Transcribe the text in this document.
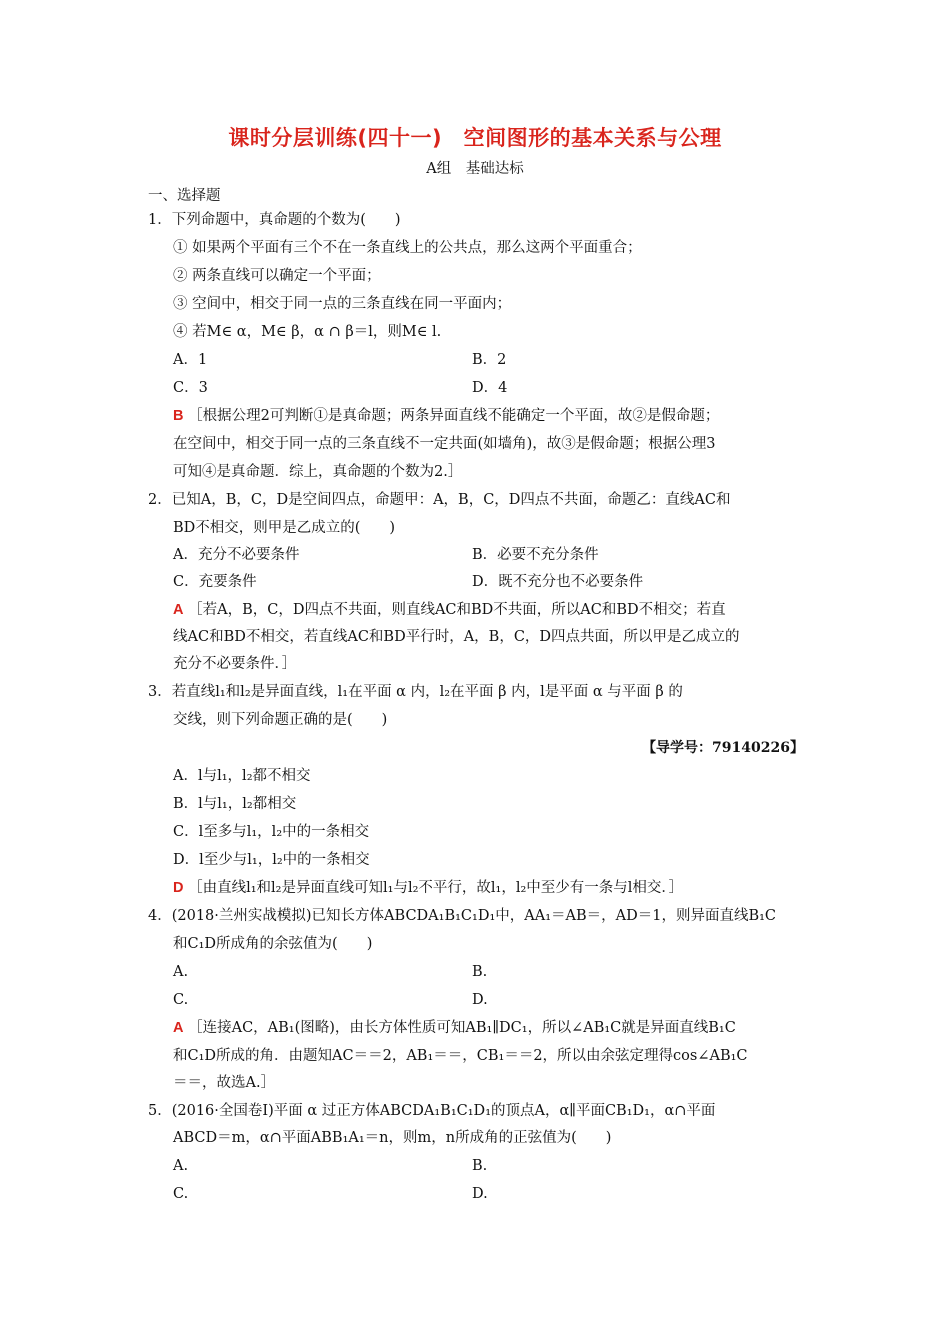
课时分层训练(四十一)　空间图形的基本关系与公理
A组　基础达标
一、选择题
1．下列命题中，真命题的个数为(　　)
① 如果两个平面有三个不在一条直线上的公共点，那么这两个平面重合；
② 两条直线可以确定一个平面；
③ 空间中，相交于同一点的三条直线在同一平面内；
④ 若M∈ α，M∈ β，α ∩ β＝l，则M∈ l.
A．1	B．2
C．3	D．4
B ［根据公理2可判断①是真命题；两条异面直线不能确定一个平面，故②是假命题；
在空间中，相交于同一点的三条直线不一定共面(如墙角)，故③是假命题；根据公理3
可知④是真命题．综上，真命题的个数为2.］
2．已知A，B，C，D是空间四点，命题甲：A，B，C，D四点不共面，命题乙：直线AC和
BD不相交，则甲是乙成立的(　　)
A．充分不必要条件	B．必要不充分条件
C．充要条件	D．既不充分也不必要条件
A ［若A，B，C，D四点不共面，则直线AC和BD不共面，所以AC和BD不相交；若直
线AC和BD不相交，若直线AC和BD平行时，A，B，C，D四点共面，所以甲是乙成立的
充分不必要条件．］
3．若直线l₁和l₂是异面直线，l₁在平面 α 内，l₂在平面 β 内，l是平面 α 与平面 β 的
交线，则下列命题正确的是(　　)
【导学号：79140226】
A．l与l₁，l₂都不相交
B．l与l₁，l₂都相交
C．l至多与l₁，l₂中的一条相交
D．l至少与l₁，l₂中的一条相交
D ［由直线l₁和l₂是异面直线可知l₁与l₂不平行，故l₁，l₂中至少有一条与l相交．］
4．(2018·兰州实战模拟)已知长方体ABCDA₁B₁C₁D₁中，AA₁＝AB＝，AD＝1，则异面直线B₁C
和C₁D所成角的余弦值为(　　)
A.	B.
C.	D.
A ［连接AC，AB₁(图略)，由长方体性质可知AB₁∥DC₁，所以∠AB₁C就是异面直线B₁C
和C₁D所成的角．由题知AC＝＝2，AB₁＝＝，CB₁＝＝2，所以由余弦定理得cos∠AB₁C
＝＝，故选A.］
5．(2016·全国卷Ⅰ)平面 α 过正方体ABCDA₁B₁C₁D₁的顶点A，α∥平面CB₁D₁，α∩平面
ABCD＝m，α∩平面ABB₁A₁＝n，则m，n所成角的正弦值为(　　)
A.	B.
C.	D.
